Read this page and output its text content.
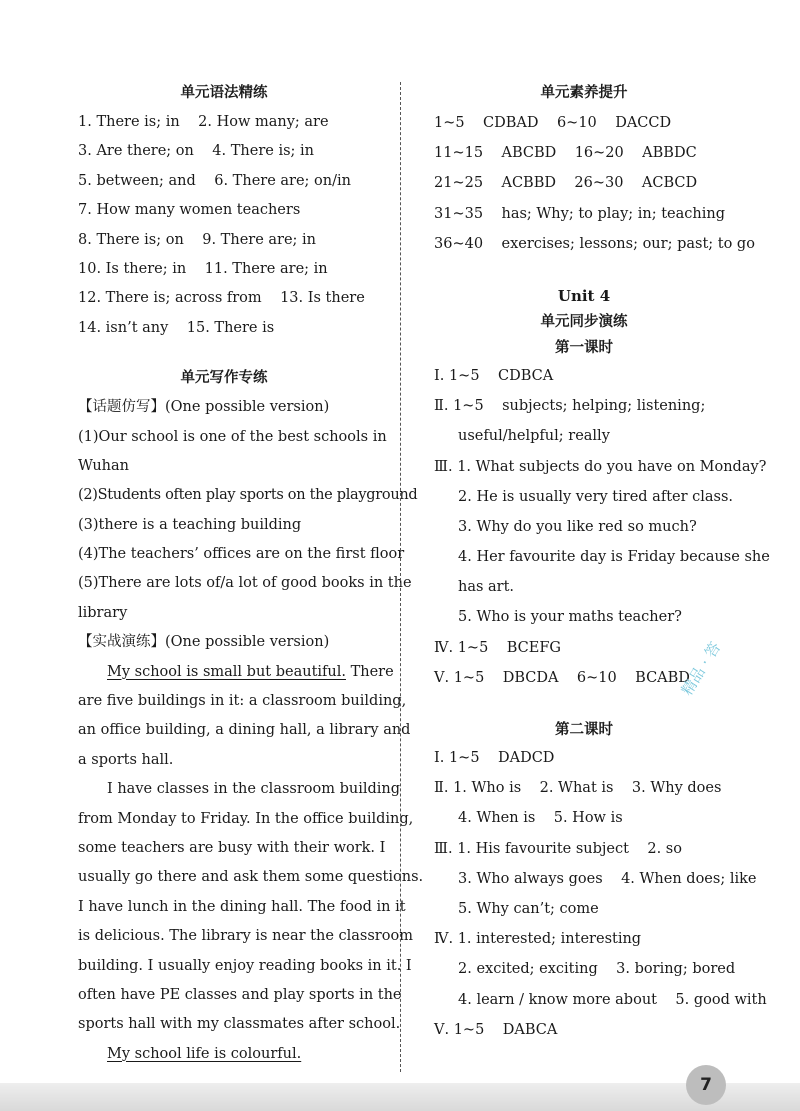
单元语法精练
1. There is; in    2. How many; are
3. Are there; on    4. There is; in
5. between; and    6. There are; on/in
7. How many women teachers
8. There is; on    9. There are; in
10. Is there; in    11. There are; in
12. There is; across from    13. Is there
14. isn’t any    15. There is
单元写作专练
【话题仿写】(One possible version)
(1)Our school is one of the best schools in
Wuhan
(2)Students often play sports on the playground
(3)there is a teaching building
(4)The teachers’ offices are on the first floor
(5)There are lots of/a lot of good books in the
library
【实战演练】(One possible version)
My school is small but beautiful. There
are five buildings in it: a classroom building,
an office building, a dining hall, a library and
a sports hall.
I have classes in the classroom building
from Monday to Friday. In the office building,
some teachers are busy with their work. I
usually go there and ask them some questions.
I have lunch in the dining hall. The food in it
is delicious. The library is near the classroom
building. I usually enjoy reading books in it. I
often have PE classes and play sports in the
sports hall with my classmates after school.
My school life is colourful.
单元素养提升
1~5    CDBAD    6~10    DACCD
11~15    ABCBD    16~20    ABBDC
21~25    ACBBD    26~30    ACBCD
31~35    has; Why; to play; in; teaching
36~40    exercises; lessons; our; past; to go
Unit 4
单元同步演练
第一课时
Ⅰ. 1~5    CDBCA
Ⅱ. 1~5    subjects; helping; listening;
useful/helpful; really
Ⅲ. 1. What subjects do you have on Monday?
2. He is usually very tired after class.
3. Why do you like red so much?
4. Her favourite day is Friday because she
has art.
5. Who is your maths teacher?
Ⅳ. 1~5    BCEFG
Ⅴ. 1~5    DBCDA    6~10    BCABD
第二课时
Ⅰ. 1~5    DADCD
Ⅱ. 1. Who is    2. What is    3. Why does
4. When is    5. How is
Ⅲ. 1. His favourite subject    2. so
3. Who always goes    4. When does; like
5. Why can’t; come
Ⅳ. 1. interested; interesting
2. excited; exciting    3. boring; bored
4. learn / know more about    5. good with
Ⅴ. 1~5    DABCA
精品 · 答
7
